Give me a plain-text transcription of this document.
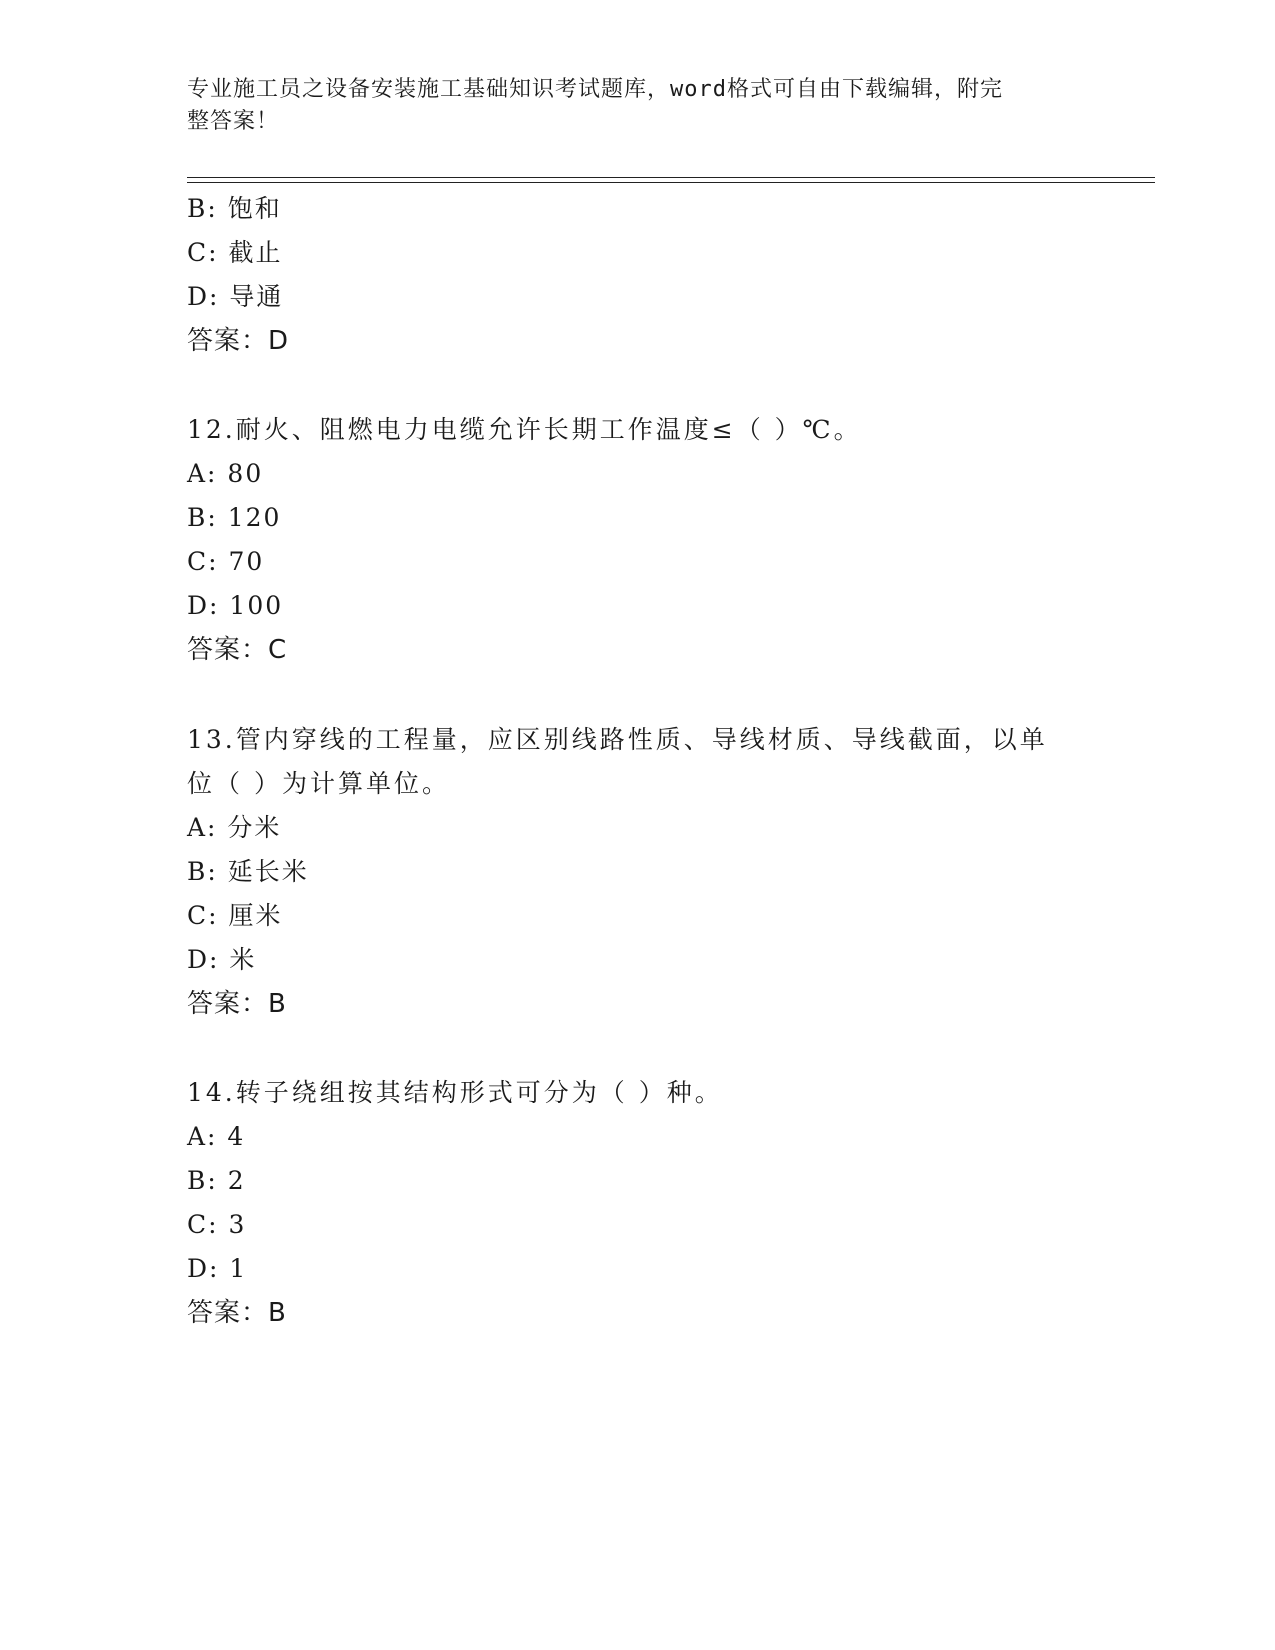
专业施工员之设备安装施工基础知识考试题库，word格式可自由下载编辑，附完
整答案！
B: 饱和
C: 截止
D: 导通
答案：D
12.耐火、阻燃电力电缆允许长期工作温度≤（ ）℃。
A: 80
B: 120
C: 70
D: 100
答案：C
13.管内穿线的工程量，应区别线路性质、导线材质、导线截面，以单
位（ ）为计算单位。
A: 分米
B: 延长米
C: 厘米
D: 米
答案：B
14.转子绕组按其结构形式可分为（ ）种。
A: 4
B: 2
C: 3
D: 1
答案：B
